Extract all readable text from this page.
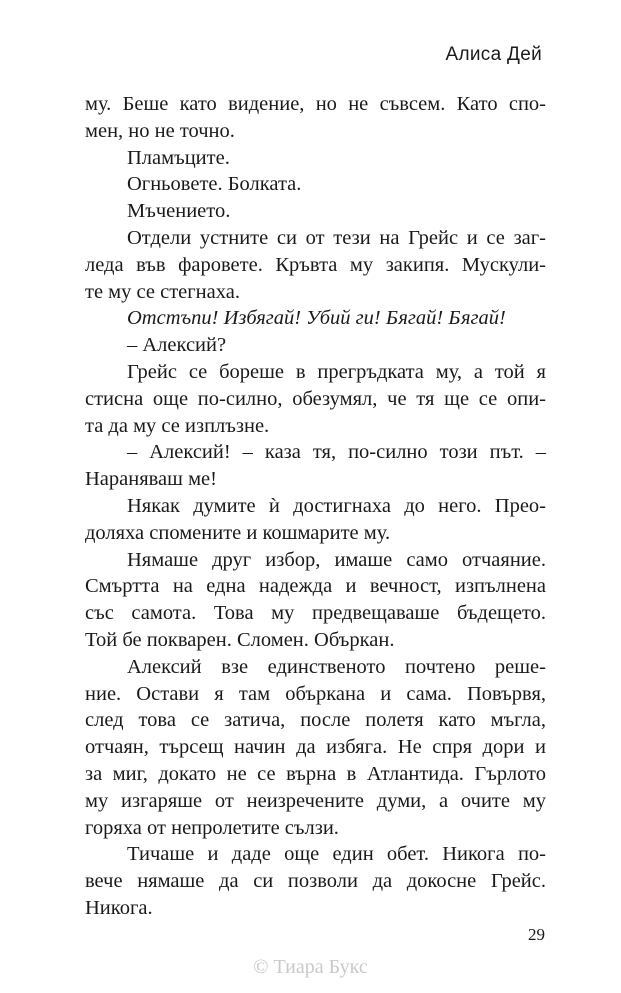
Алиса Дей
му. Беше като видение, но не съвсем. Като спо-
мен, но не точно.
Пламъците.
Огньовете. Болката.
Мъчението.
Отдели устните си от тези на Грейс и се заг-
леда във фаровете. Кръвта му закипя. Мускули-
те му се стегнаха.
Отстъпи! Избягай! Убий ги! Бягай! Бягай!
– Алексий?
Грейс се бореше в прегръдката му, а той я
стисна още по-силно, обезумял, че тя ще се опи-
та да му се изплъзне.
– Алексий! – каза тя, по-силно този път. –
Нараняваш ме!
Някак думите ѝ достигнаха до него. Прео-
доляха спомените и кошмарите му.
Нямаше друг избор, имаше само отчаяние.
Смъртта на една надежда и вечност, изпълнена
със самота. Това му предвещаваше бъдещето.
Той бе покварен. Сломен. Объркан.
Алексий взе единственото почтено реше-
ние. Остави я там объркана и сама. Повървя,
след това се затича, после полетя като мъгла,
отчаян, търсещ начин да избяга. Не спря дори и
за миг, докато не се върна в Атлантида. Гърлото
му изгаряше от неизречените думи, а очите му
горяха от непролетите сълзи.
Тичаше и даде още един обет. Никога по-
вече нямаше да си позволи да докосне Грейс.
Никога.
29
© Тиара Букс
